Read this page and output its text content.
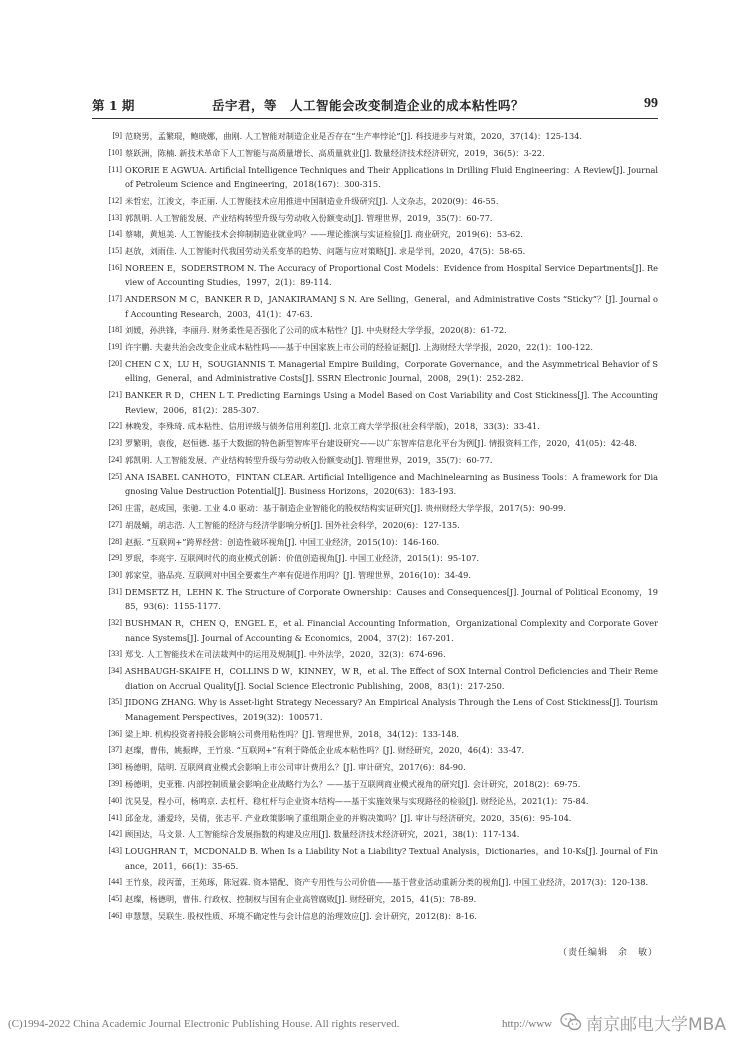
第 1 期	岳宇君，等　人工智能会改变制造企业的成本粘性吗？	99
[9] 范晓男，孟繁琨，鲍晓娜，曲刚. 人工智能对制造企业是否存在“生产率悖论”[J]. 科技进步与对策，2020，37(14)：125-134.
[10] 蔡跃洲，陈楠. 新技术革命下人工智能与高质量增长、高质量就业[J]. 数量经济技术经济研究，2019，36(5)：3-22.
[11] OKORIE E AGWUA. Artificial Intelligence Techniques and Their Applications in Drilling Fluid Engineering：A Review[J]. Journal of Petroleum Science and Engineering，2018(167)：300-315.
[12] 米哲宏，江浚文，李正丽. 人工智能技术应用推进中国制造业升级研究[J]. 人文杂志，2020(9)：46-55.
[13] 郭凯明. 人工智能发展、产业结构转型升级与劳动收入份额变动[J]. 管理世界，2019，35(7)：60-77.
[14] 蔡啸，黄旭美. 人工智能技术会抑制制造业就业吗？——理论推演与实证检验[J]. 商业研究，2019(6)：53-62.
[15] 赵放，刘雨佳. 人工智能时代我国劳动关系变革的趋势、问题与应对策略[J]. 求是学刊，2020，47(5)：58-65.
[16] NOREEN E，SODERSTROM N. The Accuracy of Proportional Cost Models：Evidence from Hospital Service Departments[J]. Review of Accounting Studies，1997，2(1)：89-114.
[17] ANDERSON M C，BANKER R D，JANAKIRAMANJ S N. Are Selling，General，and Administrative Costs “Sticky”？[J]. Journal of Accounting Research，2003，41(1)：47-63.
[18] 刘媛，孙洪锋，李丽丹. 财务柔性是否强化了公司的成本粘性？[J]. 中央财经大学学报，2020(8)：61-72.
[19] 许宇鹏. 夫妻共治会改变企业成本粘性吗——基于中国家族上市公司的经验证据[J]. 上海财经大学学报，2020，22(1)：100-122.
[20] CHEN C X，LU H，SOUGIANNIS T. Managerial Empire Building，Corporate Governance，and the Asymmetrical Behavior of Selling，General，and Administrative Costs[J]. SSRN Electronic Journal，2008，29(1)：252-282.
[21] BANKER R D，CHEN L T. Predicting Earnings Using a Model Based on Cost Variability and Cost Stickiness[J]. The Accounting Review，2006，81(2)：285-307.
[22] 林晚发，李殊琦. 成本粘性、信用评级与债务信用利差[J]. 北京工商大学学报(社会科学版)，2018，33(3)：33-41.
[23] 罗繁明，袁俊，赵恒德. 基于大数据的特色新型智库平台建设研究——以广东智库信息化平台为例[J]. 情报资料工作，2020，41(05)：42-48.
[24] 郭凯明. 人工智能发展、产业结构转型升级与劳动收入份额变动[J]. 管理世界，2019，35(7)：60-77.
[25] ANA ISABEL CANHOTO，FINTAN CLEAR. Artificial Intelligence and Machinelearning as Business Tools：A framework for Diagnosing Value Destruction Potential[J]. Business Horizons，2020(63)：183-193.
[26] 庄雷，赵成国，张驰. 工业 4.0 驱动：基于制造企业智能化的股权结构实证研究[J]. 贵州财经大学学报，2017(5)：90-99.
[27] 胡晟蛹，胡志浩. 人工智能的经济与经济学影响分析[J]. 国外社会科学，2020(6)：127-135.
[28] 赵振. “互联网+”跨界经营：创造性破坏视角[J]. 中国工业经济，2015(10)：146-160.
[29] 罗珉，李亮宇. 互联网时代的商业模式创新：价值创造视角[J]. 中国工业经济，2015(1)：95-107.
[30] 郭家堂，骆品亮. 互联网对中国全要素生产率有促进作用吗？[J]. 管理世界，2016(10)：34-49.
[31] DEMSETZ H，LEHN K. The Structure of Corporate Ownership：Causes and Consequences[J]. Journal of Political Economy，1985，93(6)：1155-1177.
[32] BUSHMAN R，CHEN Q，ENGEL E，et al. Financial Accounting Information，Organizational Complexity and Corporate Governance Systems[J]. Journal of Accounting & Economics，2004，37(2)：167-201.
[33] 郑戈. 人工智能技术在司法裁判中的运用及规制[J]. 中外法学，2020，32(3)：674-696.
[34] ASHBAUGH-SKAIFE H，COLLINS D W，KINNEY，W R，et al. The Effect of SOX Internal Control Deficiencies and Their Remediation on Accrual Quality[J]. Social Science Electronic Publishing，2008，83(1)：217-250.
[35] JIDONG ZHANG. Why is Asset-light Strategy Necessary? An Empirical Analysis Through the Lens of Cost Stickiness[J]. Tourism Management Perspectives，2019(32)：100571.
[36] 梁上坤. 机构投资者持股会影响公司费用粘性吗？[J]. 管理世界，2018，34(12)：133-148.
[37] 赵璨，曹伟，姚振晔，王竹泉. “互联网+”有利于降低企业成本粘性吗？[J]. 财经研究，2020，46(4)：33-47.
[38] 杨德明，陆明. 互联网商业模式会影响上市公司审计费用么？[J]. 审计研究，2017(6)：84-90.
[39] 杨德明，史亚雅. 内部控制质量会影响企业战略行为么？——基于互联网商业模式视角的研究[J]. 会计研究，2018(2)：69-75.
[40] 沈昊旻，程小可，杨鸣京. 去杠杆、稳杠杆与企业资本结构——基于实施效果与实现路径的检验[J]. 财经论丛，2021(1)：75-84.
[41] 邱金龙，潘爱玲，吴倩，张志平. 产业政策影响了重组期企业的并购决策吗？[J]. 审计与经济研究，2020，35(6)：95-104.
[42] 顾国达，马文景. 人工智能综合发展指数的构建及应用[J]. 数量经济技术经济研究，2021，38(1)：117-134.
[43] LOUGHRAN T，MCDONALD B. When Is a Liability Not a Liability? Textual Analysis，Dictionaries，and 10-Ks[J]. Journal of Finance，2011，66(1)：35-65.
[44] 王竹泉，段丙蕾，王苑琢，陈冠霖. 资本错配、资产专用性与公司价值——基于营业活动重新分类的视角[J]. 中国工业经济，2017(3)：120-138.
[45] 赵璨，杨德明，曹伟. 行政权、控制权与国有企业高管腐败[J]. 财经研究，2015，41(5)：78-89.
[46] 申慧慧，吴联生. 股权性质、环境不确定性与会计信息的治理效应[J]. 会计研究，2012(8)：8-16.
（责任编辑　余　敏）
(C)1994-2022 China Academic Journal Electronic Publishing House. All rights reserved.	http://www 南京邮电大学MBA
